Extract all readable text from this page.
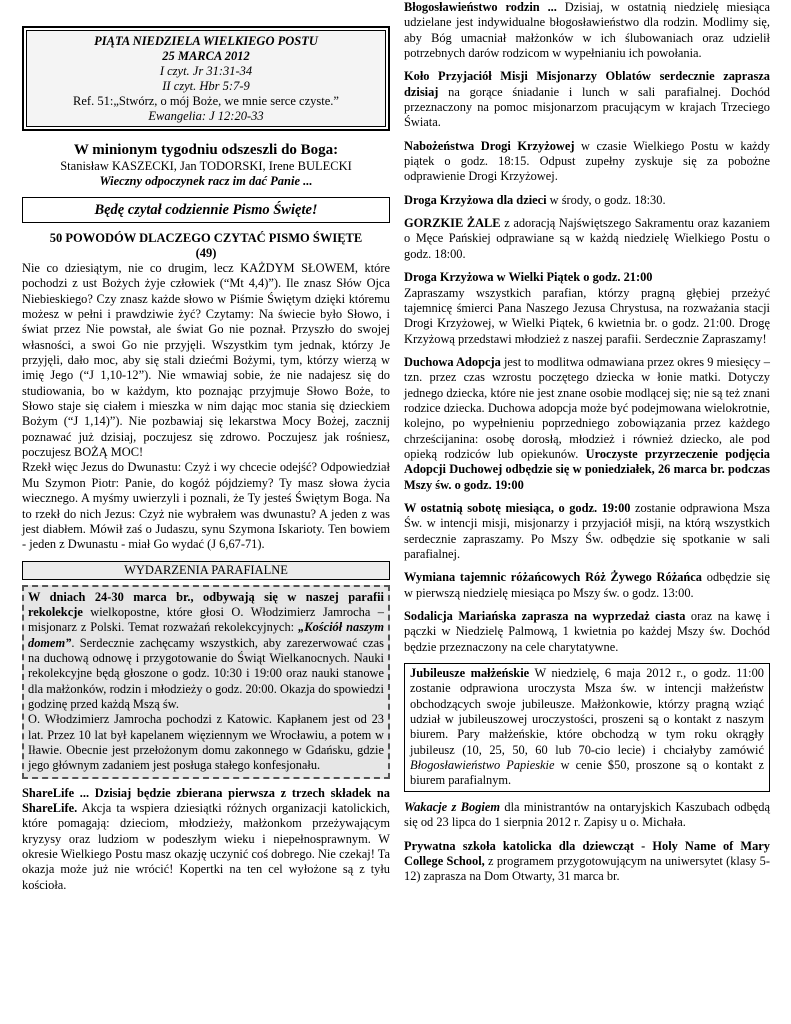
PIĄTA NIEDZIELA WIELKIEGO POSTU
25 MARCA 2012
I czyt. Jr 31:31-34
II czyt. Hbr 5:7-9
Ref. 51:„Stwórz, o mój Boże, we mnie serce czyste.”
Ewangelia: J 12:20-33
W minionym tygodniu odszeszli do Boga:
Stanisław KASZECKI, Jan TODORSKI, Irene BULECKI
Wieczny odpoczynek racz im dać Panie ...
Będę czytał codziennie Pismo Święte!
50 POWODÓW DLACZEGO CZYTAĆ PISMO ŚWIĘTE
(49)
Nie co dziesiątym, nie co drugim, lecz KAŻDYM SŁOWEM, które pochodzi z ust Bożych żyje człowiek (“Mt 4,4)”). Ile znasz Słów Ojca Niebieskiego? Czy znasz każde słowo w Piśmie Świętym dzięki któremu możesz w pełni i prawdziwie żyć? Czytamy: Na świecie było Słowo, i świat przez Nie powstał, ale świat Go nie poznał. Przyszło do swojej własności, a swoi Go nie przyjęli. Wszystkim tym jednak, którzy Je przyjęli, dało moc, aby się stali dziećmi Bożymi, tym, którzy wierzą w imię Jego (“J 1,10-12”). Nie wmawiaj sobie, że nie nadajesz się do studiowania, bo w każdym, kto poznając przyjmuje Słowo Boże, to Słowo staje się ciałem i mieszka w nim dając moc stania się dzieckiem Bożym (“J 1,14)”). Nie pozbawiaj się lekarstwa Mocy Bożej, zacznij poznawać już dzisiaj, poczujesz się zdrowo. Poczujesz jak rośniesz, poczujesz BOŻĄ MOC!
Rzekł więc Jezus do Dwunastu: Czyż i wy chcecie odejść? Odpowiedział Mu Szymon Piotr: Panie, do kogóż pójdziemy? Ty masz słowa życia wiecznego. A myśmy uwierzyli i poznali, że Ty jesteś Świętym Boga. Na to rzekł do nich Jezus: Czyż nie wybrałem was dwunastu? A jeden z was jest diabłem. Mówił zaś o Judaszu, synu Szymona Iskarioty. Ten bowiem - jeden z Dwunastu - miał Go wydać (J 6,67-71).
WYDARZENIA PARAFIALNE
W dniach 24-30 marca br., odbywają się w naszej parafii rekolekcje wielkopostne, które głosi O. Włodzimierz Jamrocha – misjonarz z Polski. Temat rozważań rekolekcyjnych: „Kościół naszym domem”. Serdecznie zachęcamy wszystkich, aby zarezerwować czas na duchową odnowę i przygotowanie do Świąt Wielkanocnych. Nauki rekolekcyjne będą głoszone o godz. 10:30 i 19:00 oraz nauki stanowe dla małżonków, rodzin i młodzieży o godz. 20:00. Okazja do spowiedzi godzinę przed każdą Mszą św.
O. Włodzimierz Jamrocha pochodzi z Katowic. Kapłanem jest od 23 lat. Przez 10 lat był kapelanem więziennym we Wrocławiu, a potem w Iławie. Obecnie jest przełożonym domu zakonnego w Gdańsku, gdzie jego głównym zadaniem jest posługa stałego konfesjonału.
ShareLife ... Dzisiaj będzie zbierana pierwsza z trzech składek na ShareLife. Akcja ta wspiera dziesiątki różnych organizacji katolickich, które pomagają: dzieciom, młodzieży, małżonkom przeżywającym kryzysy oraz ludziom w podeszłym wieku i niepełnosprawnym. W okresie Wielkiego Postu masz okazję uczynić coś dobrego. Nie czekaj! Ta okazja może już nie wrócić! Kopertki na ten cel wyłożone są z tyłu kościoła.

Błogosławieństwo rodzin ... Dzisiaj, w ostatnią niedzielę miesiąca udzielane jest indywidualne błogosławieństwo dla rodzin. Modlimy się, aby Bóg umacniał małżonków w ich ślubowaniach oraz udzielił potrzebnych darów rodzicom w wypełnianiu ich powołania.

Koło Przyjaciół Misji Misjonarzy Oblatów serdecznie zaprasza dzisiaj na gorące śniadanie i lunch w sali parafialnej. Dochód przeznaczony na pomoc misjonarzom pracującym w krajach Trzeciego Świata.

Nabożeństwa Drogi Krzyżowej w czasie Wielkiego Postu w każdy piątek o godz. 18:15. Odpust zupełny zyskuje się za pobożne odprawienie Drogi Krzyżowej.

Droga Krzyżowa dla dzieci w środy, o godz. 18:30.

GORZKIE ŻALE z adoracją Najświętszego Sakramentu oraz kazaniem o Męce Pańskiej odprawiane są w każdą niedzielę Wielkiego Postu o godz. 18:00.

Droga Krzyżowa w Wielki Piątek o godz. 21:00
Zapraszamy wszystkich parafian, którzy pragną głębiej przeżyć tajemnicę śmierci Pana Naszego Jezusa Chrystusa, na rozważania stacji Drogi Krzyżowej, w Wielki Piątek, 6 kwietnia br. o godz. 21:00. Drogę Krzyżową przedstawi młodzież z naszej parafii. Serdecznie Zapraszamy!

Duchowa Adopcja jest to modlitwa odmawiana przez okres 9 miesięcy – tzn. przez czas wzrostu poczętego dziecka w łonie matki. Dotyczy jednego dziecka, które nie jest znane osobie modlącej się; nie są też znani rodzice dziecka. Duchowa adopcja może być podejmowana wielokrotnie, kolejno, po wypełnieniu poprzedniego zobowiązania przez każdego chrześcijanina: osobę dorosłą, młodzież i również dziecko, ale pod opieką rodziców lub opiekunów. Uroczyste przyrzeczenie podjęcia Adopcji Duchowej odbędzie się w poniedziałek, 26 marca br. podczas Mszy św. o godz. 19:00

W ostatnią sobotę miesiąca, o godz. 19:00 zostanie odprawiona Msza Św. w intencji misji, misjonarzy i przyjaciół misji, na którą wszystkich serdecznie zapraszamy. Po Mszy Św. odbędzie się spotkanie w sali parafialnej.

Wymiana tajemnic różańcowych Róż Żywego Różańca odbędzie się w pierwszą niedzielę miesiąca po Mszy św. o godz. 13:00.

Sodalicja Mariańska zaprasza na wyprzedaż ciasta oraz na kawę i pączki w Niedzielę Palmową, 1 kwietnia po każdej Mszy św. Dochód będzie przeznaczony na cele charytatywne.

Jubileusze małżeńskie W niedzielę, 6 maja 2012 r., o godz. 11:00 zostanie odprawiona uroczysta Msza św. w intencji małżeństw obchodzących swoje jubileusze. Małżonkowie, którzy pragną wziąć udział w jubileuszowej uroczystości, proszeni są o kontakt z naszym biurem. Pary małżeńskie, które obchodzą w tym roku okrągły jubileusz (10, 25, 50, 60 lub 70-cio lecie) i chciałyby zamówić Błogosławieństwo Papieskie w cenie $50, proszone są o kontakt z biurem parafialnym.

Wakacje z Bogiem dla ministrantów na ontaryjskich Kaszubach odbędą się od 23 lipca do 1 sierpnia 2012 r. Zapisy u o. Michała.

Prywatna szkoła katolicka dla dziewcząt - Holy Name of Mary College School, z programem przygotowującym na uniwersytet (klasy 5-12) zaprasza na Dom Otwarty, 31 marca br.
